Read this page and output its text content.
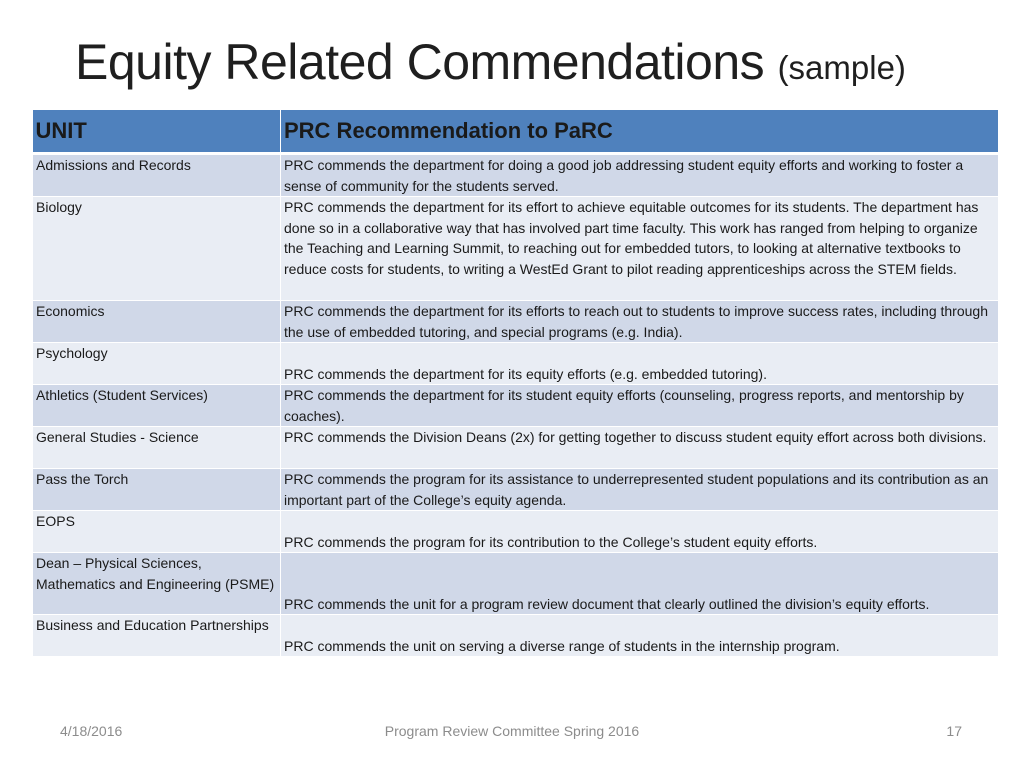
Equity Related Commendations (sample)
UNIT	PRC Recommendation to PaRC
Admissions and Records	PRC commends the department for doing a good job addressing student equity efforts and working to foster a sense of community for the students served.
Biology	PRC commends the department for its effort to achieve equitable outcomes for its students. The department has done so in a collaborative way that has involved part time faculty. This work has ranged from helping to organize the Teaching and Learning Summit, to reaching out for embedded tutors, to looking at alternative textbooks to reduce costs for students, to writing a WestEd Grant to pilot reading apprenticeships across the STEM fields.
Economics	PRC commends the department for its efforts to reach out to students to improve success rates, including through the use of embedded tutoring, and special programs (e.g. India).
Psychology	PRC commends the department for its equity efforts (e.g. embedded tutoring).
Athletics (Student Services)	PRC commends the department for its student equity efforts (counseling, progress reports, and mentorship by coaches).
General Studies - Science	PRC commends the Division Deans (2x) for getting together to discuss student equity effort across both divisions.
Pass the Torch	PRC commends the program for its assistance to underrepresented student populations and its contribution as an important part of the College’s equity agenda.
EOPS	PRC commends the program for its contribution to the College’s student equity efforts.
Dean – Physical Sciences, Mathematics and Engineering (PSME)	PRC commends the unit for a program review document that clearly outlined the division’s equity efforts.
Business and Education Partnerships	PRC commends the unit on serving a diverse range of students in the internship program.
4/18/2016	Program Review Committee Spring 2016	17
